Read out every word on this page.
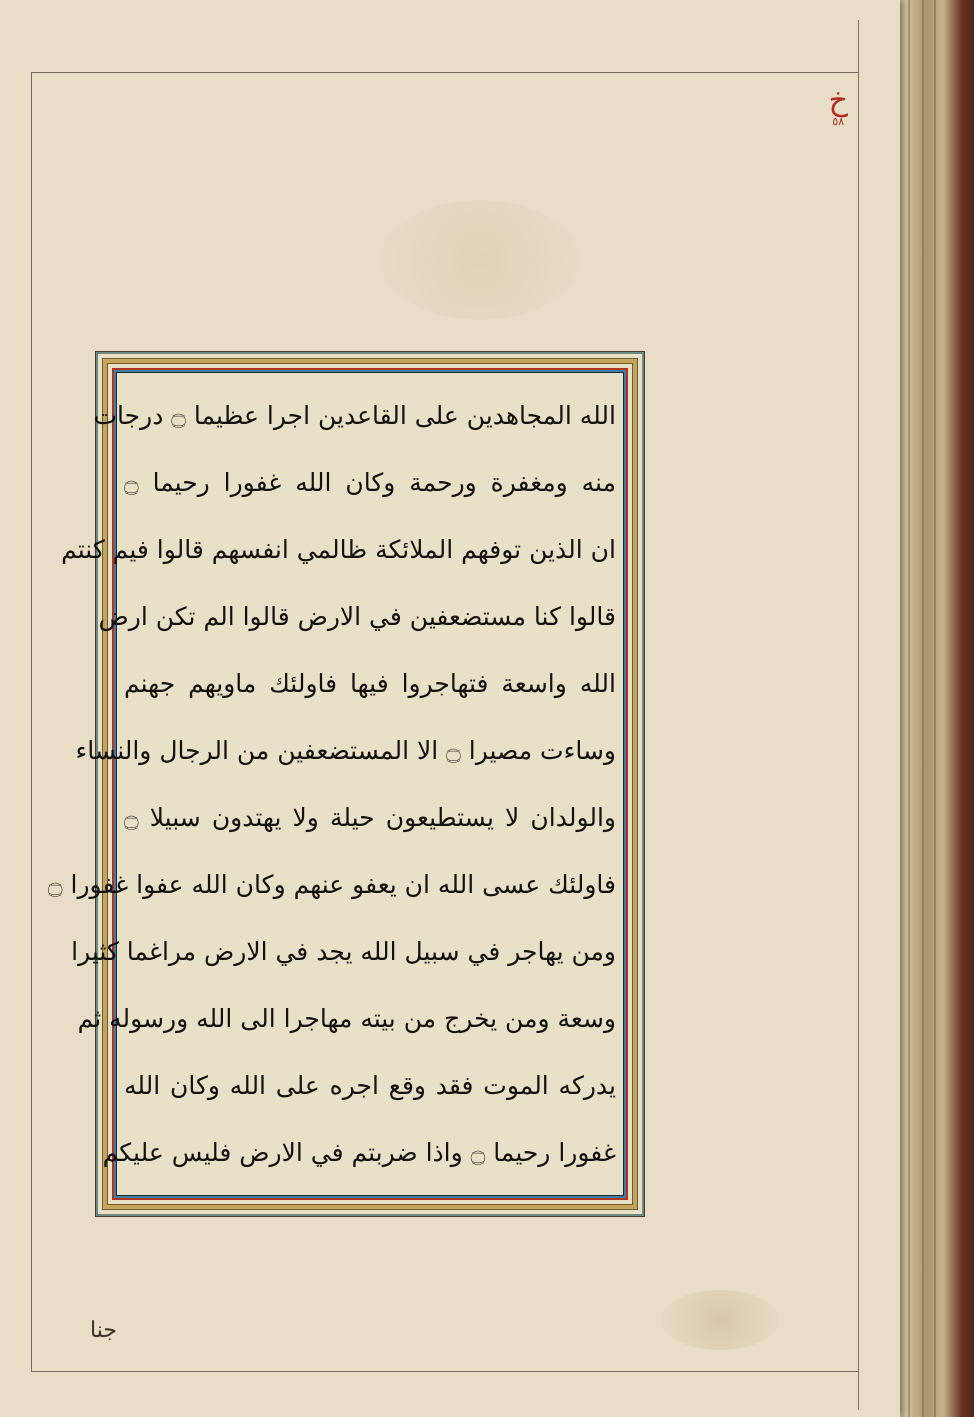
خ
٥٨
الله المجاهدين على القاعدين اجرا عظيما ۝ درجات
منه ومغفرة ورحمة وكان الله غفورا رحيما ۝
ان الذين توفهم الملائكة ظالمي انفسهم قالوا فيم كنتم
قالوا كنا مستضعفين في الارض قالوا الم تكن ارض
الله واسعة فتهاجروا فيها فاولئك ماويهم جهنم
وساءت مصيرا ۝ الا المستضعفين من الرجال والنساء
والولدان لا يستطيعون حيلة ولا يهتدون سبيلا ۝
فاولئك عسى الله ان يعفو عنهم وكان الله عفوا غفورا ۝
ومن يهاجر في سبيل الله يجد في الارض مراغما كثيرا
وسعة ومن يخرج من بيته مهاجرا الى الله ورسوله ثم
يدركه الموت فقد وقع اجره على الله وكان الله
غفورا رحيما ۝ واذا ضربتم في الارض فليس عليكم
جنا
